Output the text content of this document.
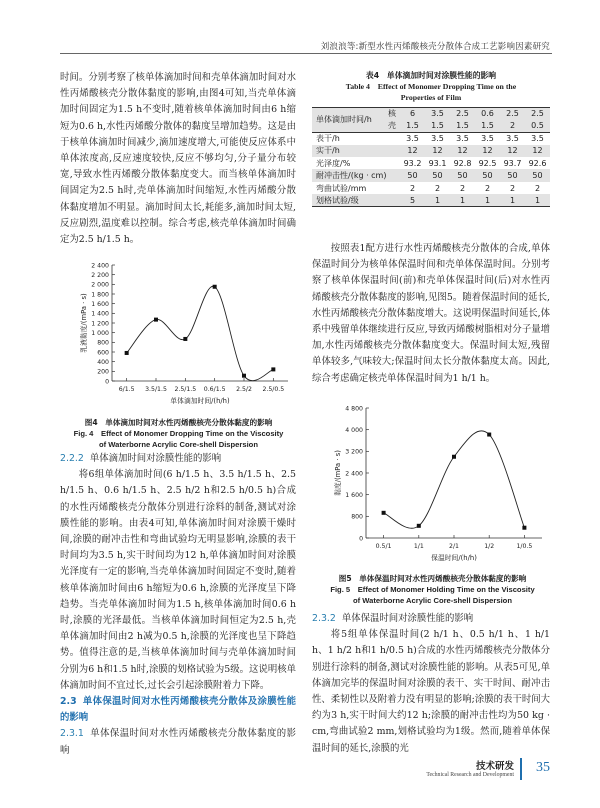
刘浪浪等:新型水性丙烯酸核壳分散体合成工艺影响因素研究

时间。分别考察了核单体滴加时间和壳单体滴加时间对水性丙烯酸核壳分散体黏度的影响,由图4可知,当壳单体滴加时间固定为1.5 h不变时,随着核单体滴加时间由6 h缩短为0.6 h,水性丙烯酸分散体的黏度呈增加趋势。这是由于核单体滴加时间减少,滴加速度增大,可能使反应体系中单体浓度高,反应速度较快,反应不够均匀,分子量分布较宽,导致水性丙烯酸分散体黏度变大。而当核单体滴加时间固定为2.5 h时,壳单体滴加时间缩短,水性丙烯酸分散体黏度增加不明显。滴加时间太长,耗能多,滴加时间太短,反应剧烈,温度难以控制。综合考虑,核壳单体滴加时间确定为2.5 h/1.5 h。

0
200
400
600
800
1 000
1 200
1 400
1 600
1 800
2 000
2 200
2 400
6/1.5 3.5/1.5 2.5/1.5 0.6/1.5 2.5/2 2.5/0.5
单体滴加时间/(h/h)
乳液黏度/(mPa · s)
图4　单体滴加时间对水性丙烯酸核壳分散体黏度的影响
Fig. 4　Effect of Monomer Dropping Time on the Viscosity
of Waterborne Acrylic Core-shell Dispersion
2.2.2 单体滴加时间对涂膜性能的影响

将6组单体滴加时间(6 h/1.5 h、3.5 h/1.5 h、2.5 h/1.5 h、0.6 h/1.5 h、2.5 h/2 h和2.5 h/0.5 h)合成的水性丙烯酸核壳分散体分别进行涂料的制备,测试对涂膜性能的影响。由表4可知,单体滴加时间对涂膜干燥时间,涂膜的耐冲击性和弯曲试验均无明显影响,涂膜的表干时间均为3.5 h,实干时间均为12 h,单体滴加时间对涂膜光泽度有一定的影响,当壳单体滴加时间固定不变时,随着核单体滴加时间由6 h缩短为0.6 h,涂膜的光泽度呈下降趋势。当壳单体滴加时间为1.5 h,核单体滴加时间0.6 h时,涂膜的光泽最低。当核单体滴加时间恒定为2.5 h,壳单体滴加时间由2 h减为0.5 h,涂膜的光泽度也呈下降趋势。值得注意的是,当核单体滴加时间与壳单体滴加时间分别为6 h和1.5 h时,涂膜的划格试验为5级。这说明核单体滴加时间不宜过长,过长会引起涂膜附着力下降。

2.3 单体保温时间对水性丙烯酸核壳分散体及涂膜性能的影响
2.3.1 单体保温时间对水性丙烯酸核壳分散体黏度的影响
表4　单体滴加时间对涂膜性能的影响
Table 4　Effect of Monomer Dropping Time on the
Properties of Film
单体滴加时间/h	核	6	3.5	2.5	0.6	2.5	2.5
	壳	1.5	1.5	1.5	1.5	2	0.5
表干/h		3.5	3.5	3.5	3.5	3.5	3.5
实干/h		12	12	12	12	12	12
光泽度/%		93.2	93.1	92.8	92.5	93.7	92.6
耐冲击性/(kg · cm)		50	50	50	50	50	50
弯曲试验/mm		2	2	2	2	2	2
划格试验/级		5	1	1	1	1	1

按照表1配方进行水性丙烯酸核壳分散体的合成,单体保温时间分为核单体保温时间和壳单体保温时间。分别考察了核单体保温时间(前)和壳单体保温时间(后)对水性丙烯酸核壳分散体黏度的影响,见图5。随着保温时间的延长,水性丙烯酸核壳分散体黏度增大。这说明保温时间延长,体系中残留单体继续进行反应,导致丙烯酸树脂相对分子量增加,水性丙烯酸核壳分散体黏度变大。保温时间太短,残留单体较多,气味较大;保温时间太长分散体黏度太高。因此,综合考虑确定核壳单体保温时间为1 h/1 h。

0
800
1 600
2 400
3 200
4 000
4 800
0.5/1	1/1	2/1	1/2	1/0.5
保温时间/(h/h)
黏度/(mPa · s)
图5　单体保温时间对水性丙烯酸核壳分散体黏度的影响
Fig. 5　Effect of Monomer Holding Time on the Viscosity
of Waterborne Acrylic Core-shell Dispersion
2.3.2 单体保温时间对涂膜性能的影响

将5组单体保温时间(2 h/1 h、0.5 h/1 h、1 h/1 h、1 h/2 h和1 h/0.5 h)合成的水性丙烯酸核壳分散体分别进行涂料的制备,测试对涂膜性能的影响。从表5可见,单体滴加完毕的保温时间对涂膜的表干、实干时间、耐冲击性、柔韧性以及附着力没有明显的影响;涂膜的表干时间大约为3 h,实干时间大约12 h;涂膜的耐冲击性均为50 kg · cm,弯曲试验2 mm,划格试验均为1级。然而,随着单体保温时间的延长,涂膜的光

技术研发
Technical Research and Development 35
